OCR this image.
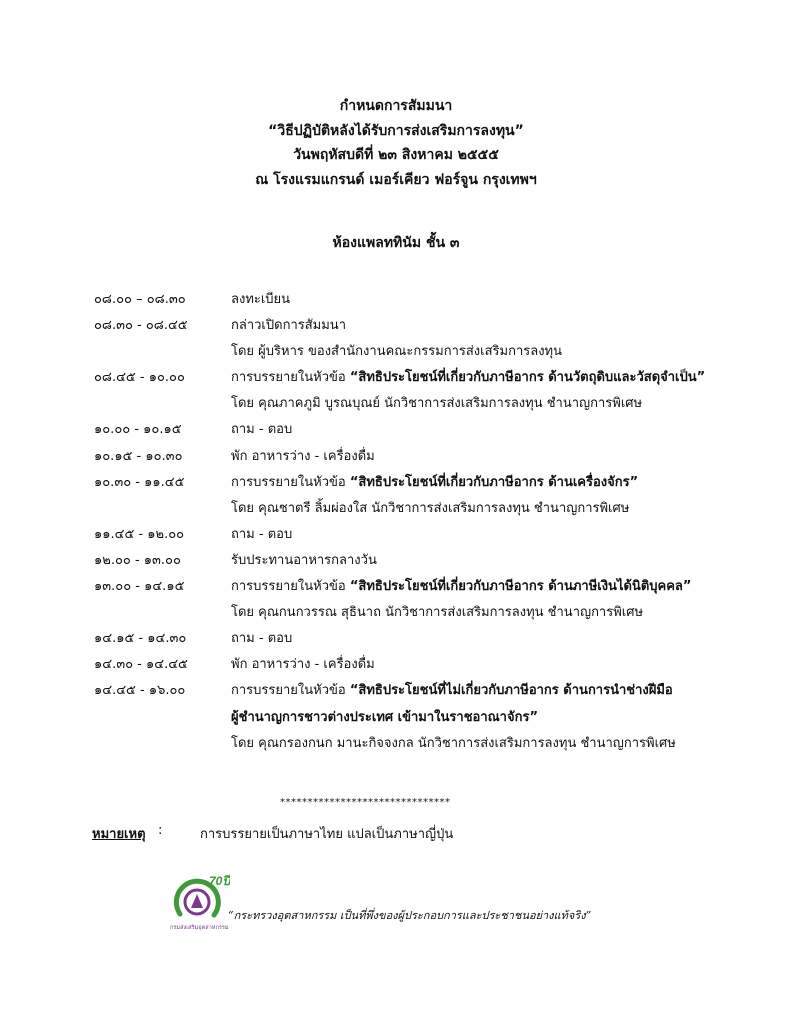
กำหนดการสัมมนา
“วิธีปฏิบัติหลังได้รับการส่งเสริมการลงทุน”
วันพฤหัสบดีที่ ๒๓ สิงหาคม ๒๕๕๕
ณ โรงแรมแกรนด์ เมอร์เคียว ฟอร์จูน กรุงเทพฯ
ห้องแพลททินัม ชั้น ๓
๐๘.๐๐ – ๐๘.๓๐	ลงทะเบียน
๐๘.๓๐ - ๐๘.๔๕	กล่าวเปิดการสัมมนา
โดย ผู้บริหาร ของสำนักงานคณะกรรมการส่งเสริมการลงทุน
๐๘.๔๕ - ๑๐.๐๐	การบรรยายในหัวข้อ “สิทธิประโยชน์ที่เกี่ยวกับภาษีอากร ด้านวัตถุดิบและวัสดุจำเป็น”
โดย คุณภาคภูมิ บูรณบุณย์ นักวิชาการส่งเสริมการลงทุน ชำนาญการพิเศษ
๑๐.๐๐ - ๑๐.๑๕	ถาม - ตอบ
๑๐.๑๕ - ๑๐.๓๐	พัก อาหารว่าง - เครื่องดื่ม
๑๐.๓๐ - ๑๑.๔๕	การบรรยายในหัวข้อ “สิทธิประโยชน์ที่เกี่ยวกับภาษีอากร ด้านเครื่องจักร”
โดย คุณชาตรี ลิ้มผ่องใส นักวิชาการส่งเสริมการลงทุน ชำนาญการพิเศษ
๑๑.๔๕ - ๑๒.๐๐	ถาม - ตอบ
๑๒.๐๐ - ๑๓.๐๐	รับประทานอาหารกลางวัน
๑๓.๐๐ - ๑๔.๑๕	การบรรยายในหัวข้อ “สิทธิประโยชน์ที่เกี่ยวกับภาษีอากร ด้านภาษีเงินได้นิติบุคคล”
โดย คุณกนกวรรณ สุธินาถ นักวิชาการส่งเสริมการลงทุน ชำนาญการพิเศษ
๑๔.๑๕ - ๑๔.๓๐	ถาม - ตอบ
๑๔.๓๐ - ๑๔.๔๕	พัก อาหารว่าง - เครื่องดื่ม
๑๔.๔๕ - ๑๖.๐๐	การบรรยายในหัวข้อ “สิทธิประโยชน์ที่ไม่เกี่ยวกับภาษีอากร ด้านการนำช่างฝีมือ
ผู้ชำนาญการชาวต่างประเทศ เข้ามาในราชอาณาจักร”
โดย คุณกรองกนก มานะกิจจงกล นักวิชาการส่งเสริมการลงทุน ชำนาญการพิเศษ
*******************************
หมายเหตุ :	การบรรยายเป็นภาษาไทย แปลเป็นภาษาญี่ปุ่น
70ปี
กรมส่งเสริมอุตสาหกรรม
“กระทรวงอุตสาหกรรม เป็นที่พึ่งของผู้ประกอบการและประชาชนอย่างแท้จริง”
